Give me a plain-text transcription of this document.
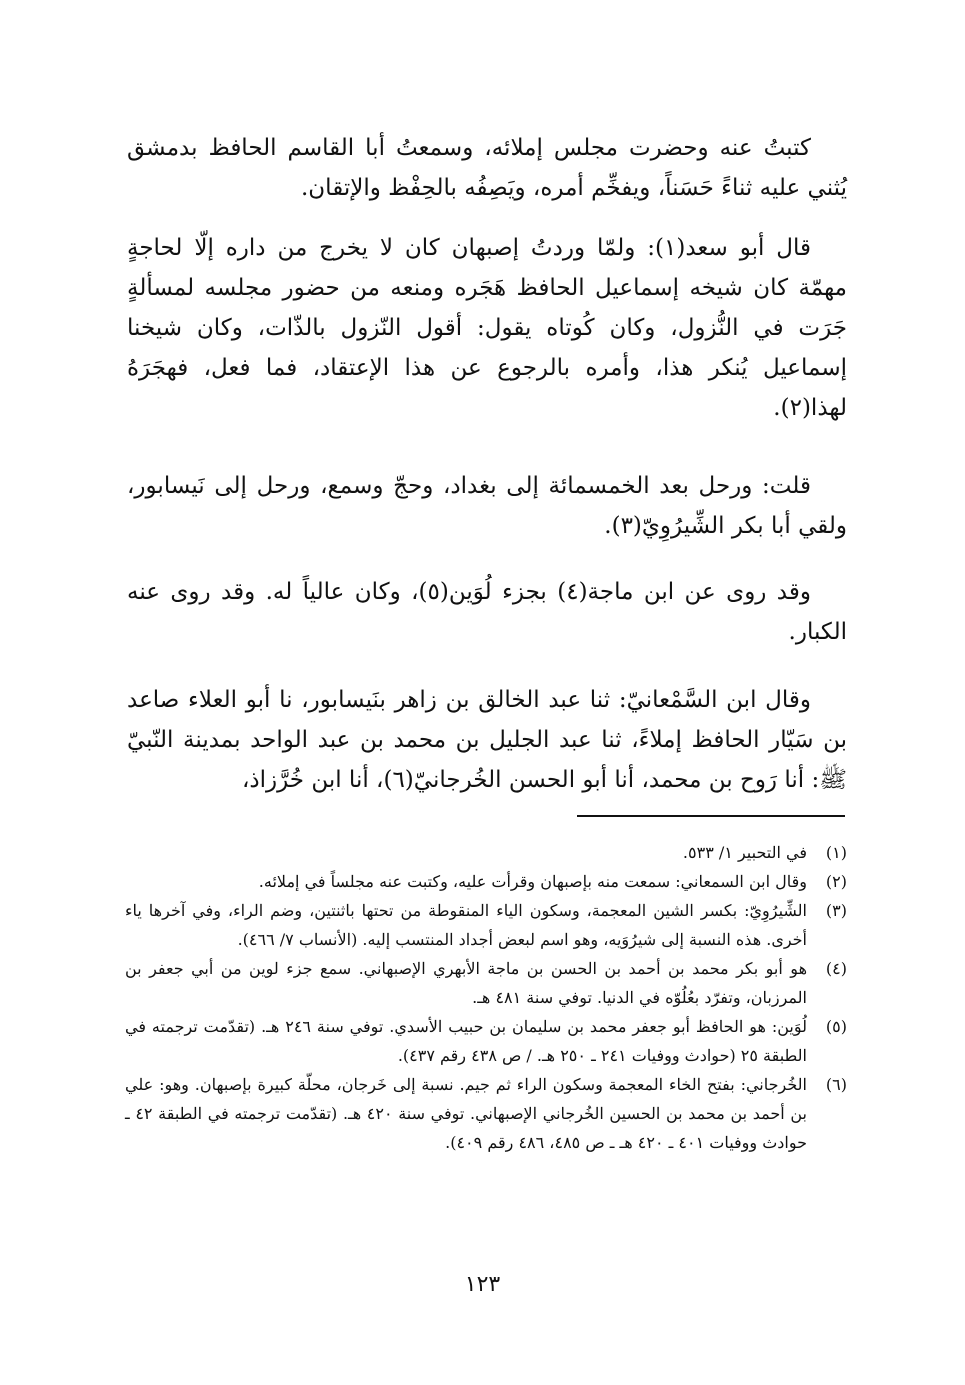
كتبتُ عنه وحضرت مجلس إملائه، وسمعتُ أبا القاسم الحافظ بدمشق يُثني عليه ثناءً حَسَناً، ويفخِّم أمره، ويَصِفُه بالحِفْظ والإتقان.

قال أبو سعد(١): ولمّا وردتُ إصبهان كان لا يخرج من داره إلّا لحاجةٍ مهمّة كان شيخه إسماعيل الحافظ هَجَره ومنعه من حضور مجلسه لمسألةٍ جَرَت في النُّزول، وكان كُوتاه يقول: أقول النّزول بالذّات، وكان شيخنا إسماعيل يُنكر هذا، وأمره بالرجوع عن هذا الإعتقاد، فما فعل، فهجَرَهُ لهذا(٢).

قلت: ورحل بعد الخمسمائة إلى بغداد، وحجّ وسمع، ورحل إلى نَيسابور، ولقي أبا بكر الشِّيرُوِيّ(٣).

وقد روى عن ابن ماجة(٤) بجزء لُوَين(٥)، وكان عالياً له. وقد روى عنه الكبار.

وقال ابن السَّمْعانيّ: ثنا عبد الخالق بن زاهر بنَيسابور، نا أبو العلاء صاعد بن سَيّار الحافظ إملاءً، ثنا عبد الجليل بن محمد بن عبد الواحد بمدينة النّبيّ ﷺ: أنا رَوح بن محمد، أنا أبو الحسن الخُرجانيّ(٦)، أنا ابن خُرَّزاذ،

(١)
في التحبير ١/ ٥٣٣.
(٢)
وقال ابن السمعاني: سمعت منه بإصبهان وقرأت عليه، وكتبت عنه مجلساً في إملائه.
(٣)
الشِّيرُوِيّ: بكسر الشين المعجمة، وسكون الياء المنقوطة من تحتها باثنتين، وضم الراء، وفي آخرها ياء أخرى. هذه النسبة إلى شيرُوَيه، وهو اسم لبعض أجداد المنتسب إليه. (الأنساب ٧/ ٤٦٦).
(٤)
هو أبو بكر محمد بن أحمد بن الحسن بن ماجة الأبهري الإصبهاني. سمع جزء لوين من أبي جعفر بن المرزبان، وتفرّد بعُلُوّه في الدنيا. توفي سنة ٤٨١ هـ.
(٥)
لُوَين: هو الحافظ أبو جعفر محمد بن سليمان بن حبيب الأسدي. توفي سنة ٢٤٦ هـ. (تقدّمت ترجمته في الطبقة ٢٥ (حوادث ووفيات ٢٤١ ـ ٢٥٠ هـ. / ص ٤٣٨ رقم ٤٣٧).
(٦)
الخُرجاني: بفتح الخاء المعجمة وسكون الراء ثم جيم. نسبة إلى خَرجان، محلّة كبيرة بإصبهان. وهو: علي بن أحمد بن محمد بن الحسين الخُرجاني الإصبهاني. توفي سنة ٤٢٠ هـ. (تقدّمت ترجمته في الطبقة ٤٢ ـ حوادث ووفيات ٤٠١ ـ ٤٢٠ هـ ـ ص ٤٨٥، ٤٨٦ رقم ٤٠٩).
١٢٣
